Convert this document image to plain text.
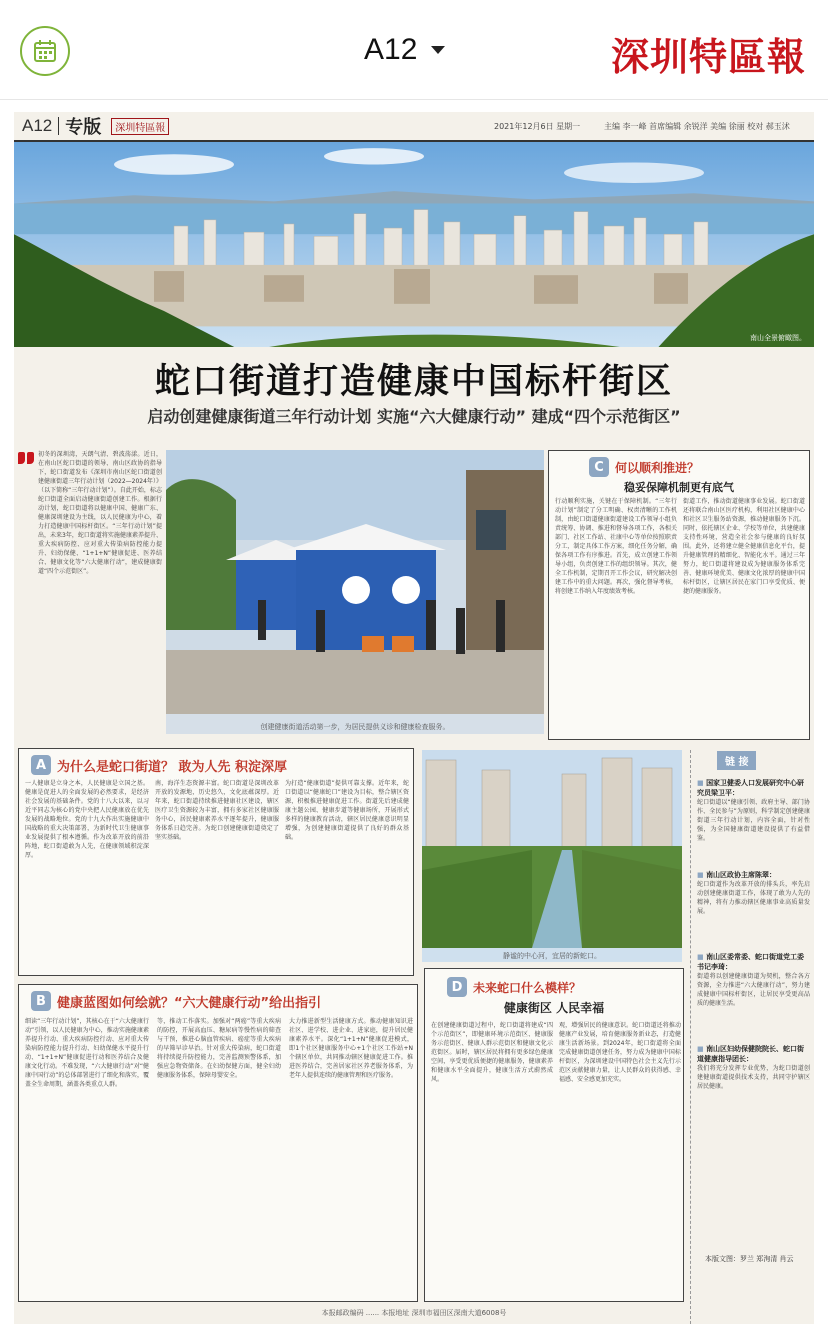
A12	深圳特區報
A12 专版	深圳特區報	2021年12月6日 星期一	主编 李一峰 首席编辑 余锐洋 美编 徐丽 校对 郝玉沭
南山全景俯瞰图。
蛇口街道打造健康中国标杆街区
启动创建健康街道三年行动计划 实施“六大健康行动” 建成“四个示范街区”
初冬的深圳湾，天朗气清、碧波荡漾。近日，在南山区蛇口街道的领导、南山区政协的指导下，蛇口街道发布《深圳市南山区蛇口街道创建健康街道三年行动计划（2022—2024年）》（以下简称“三年行动计划”）。自此开始，标志蛇口街道全面启动健康街道创建工作。根据行动计划，蛇口街道将以健康中国、健康广东、健康深圳建设为主线，以人民健康为中心，着力打造健康中国标杆街区。“三年行动计划”提出，未来3年，蛇口街道将实施健康素养提升、重大疾病防控、应对重大传染病防控能力提升、妇幼保健、“1+1+N”健康促进、医养结合、健康文化等“六大健康行动”，建成健康街道“四个示范街区”。
创建健康街道活动第一步，为居民提供义诊和健康检查服务。
C 何以顺利推进？
稳妥保障机制更有底气
行动顺利实施，关键在于保障机制。“三年行动计划”制定了分工明确、权责清晰的工作机制，由蛇口街道健康街道建设工作领导小组负责统筹、协调、推进和督导各项工作，各相关部门、社区工作站、社康中心等单位按照职责分工，制定具体工作方案，细化任务分解，确保各项工作有序推进。首先，成立创建工作领导小组，负责创建工作的组织领导。其次，健全工作机制，定期召开工作会议，研究解决创建工作中的重大问题。再次，强化督导考核，将创建工作纳入年度绩效考核。
街道工作，推动街道健康事业发展。蛇口街道还将联合南山区医疗机构，利用社区健康中心和社区卫生服务站资源，推动健康服务下沉。同时，依托辖区企业、学校等单位，共建健康支持性环境，营造全社会参与健康的良好氛围。此外，还将建立健全健康信息化平台，提升健康管理的精细化、智能化水平。通过三年努力，蛇口街道将建设成为健康服务体系完善、健康环境优美、健康文化浓厚的健康中国标杆街区，让辖区居民在家门口享受优质、便捷的健康服务。
A 为什么是蛇口街道？ 敢为人先 积淀深厚
一人健康是立身之本，人民健康是立国之基。健康是促进人的全面发展的必然要求，是经济社会发展的基础条件。党的十八大以来，以习近平同志为核心的党中央把人民健康放在优先发展的战略地位。党的十九大作出实施健康中国战略的重大决策部署，为新时代卫生健康事业发展提供了根本遵循。作为改革开放的前沿阵地，蛇口街道敢为人先，在健康领域积淀深厚。
南，海洋生态资源丰富。蛇口街道是深圳改革开放的发源地，历史悠久，文化底蕴深厚。近年来，蛇口街道持续推进健康社区建设，辖区医疗卫生资源较为丰富，拥有多家社区健康服务中心，居民健康素养水平逐年提升，健康服务体系日趋完善。为蛇口创建健康街道奠定了坚实基础。
为打造“健康街道”提供可靠支撑。近年来，蛇口街道以“健康蛇口”建设为目标，整合辖区资源，积极推进健康促进工作。街道先后建成健康主题公园、健康步道等健康场所，开展形式多样的健康教育活动，辖区居民健康意识明显增强，为创建健康街道提供了良好的群众基础。
静谧的中心河，宜居的新蛇口。
链 接
■ 国家卫健委人口发展研究中心研究员梁卫平：
蛇口街道以“健康引领、政府主导、部门协作、全民参与”为原则，科学制定创建健康街道三年行动计划，内容全面，针对性强，为全国健康街道建设提供了有益借鉴。
■ 南山区政协主席陈翠：
蛇口街道作为改革开放的排头兵，率先启动创建健康街道工作，体现了敢为人先的精神，将有力推动辖区健康事业高质量发展。
■ 南山区委常委、蛇口街道党工委书记李琦：
街道将以创建健康街道为契机，整合各方资源，全力推进“六大健康行动”，努力建成健康中国标杆街区，让居民享受更高品质的健康生活。
■ 南山区妇幼保健院院长、蛇口街道健康指导团长：
我们将充分发挥专业优势，为蛇口街道创建健康街道提供技术支持，共同守护辖区居民健康。
本版文图：罗兰 郑洵清 肖云
B 健康蓝图如何绘就？“六大健康行动”给出指引
细读“三年行动计划”，其核心在于“六大健康行动”引领，以人民健康为中心，推动实施健康素养提升行动、重大疾病防控行动、应对重大传染病防控能力提升行动、妇幼保健水平提升行动、“1+1+N”健康促进行动和医养结合及健康文化行动。不难发现，“六大健康行动”对“健康中国行动”的总体部署进行了细化和落实，覆盖全生命周期，涵盖各类重点人群。
等，推动工作落实。加强对“两癌”等重大疾病的防控，开展高血压、糖尿病等慢性病的筛查与干预，推进心脑血管疾病、癌症等重大疾病的早筛早诊早治。针对重大传染病，蛇口街道将持续提升防控能力，完善监测预警体系，加强应急物资储备。在妇幼保健方面，健全妇幼健康服务体系，保障母婴安全。
大力推进新型生活健康方式。推动健康知识进社区、进学校、进企业、进家庭，提升居民健康素养水平。深化“1+1+N”健康促进模式，即1个社区健康服务中心+1个社区工作站+N个辖区单位，共同推动辖区健康促进工作。推进医养结合，完善居家社区养老服务体系，为老年人提供连续的健康管理和医疗服务。
D 未来蛇口什么模样？
健康街区 人民幸福
在创建健康街道过程中，蛇口街道将建成“四个示范街区”，即健康环境示范街区、健康服务示范街区、健康人群示范街区和健康文化示范街区。届时，辖区居民将拥有更多绿色健康空间，享受更优质便捷的健康服务，健康素养和健康水平全面提升，健康生活方式蔚然成风。
观，增强居民的健康意识。蛇口街道还将推动健康产业发展，培育健康服务新业态，打造健康生活新场景。到2024年，蛇口街道将全面完成健康街道创建任务，努力成为健康中国标杆街区，为深圳建设中国特色社会主义先行示范区贡献健康力量，让人民群众的获得感、幸福感、安全感更加充实。
本报邮政编码 ...... 本报地址 深圳市福田区深南大道6008号
